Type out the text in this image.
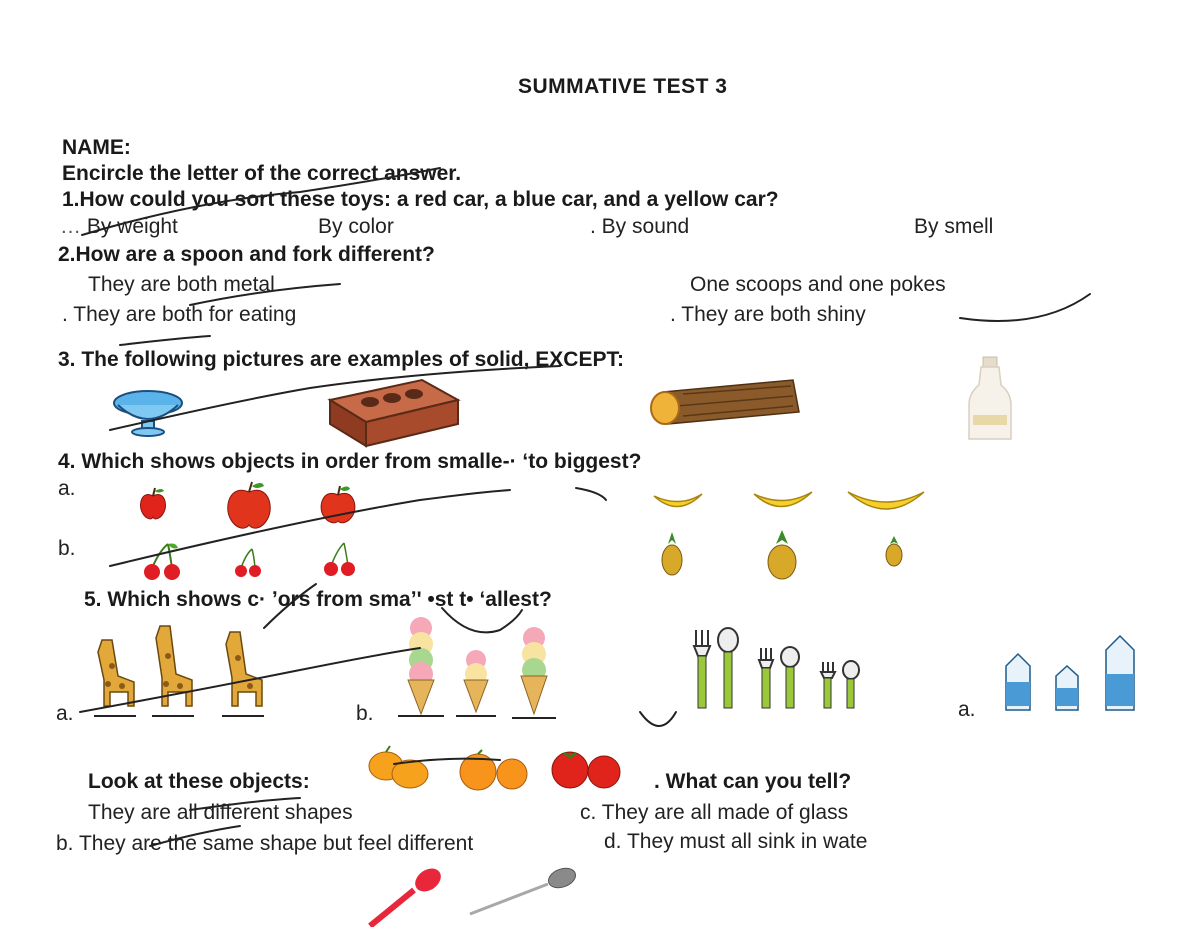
SUMMATIVE TEST 3
NAME:
Encircle the letter of the correct answer.
1.How could you sort these toys: a red car, a blue car, and a yellow car?
… By weight	By color	. By sound	By smell
2.How are a spoon and fork different?
They are both metal	One scoops and one pokes
. They are both for eating	. They are both shiny
3. The following pictures are examples of solid, EXCEPT:
4. Which shows objects in order from smalle-· ʻto biggest?
a.
b.
5. Which shows c· ʼors from smaʼ' •st t• ʻallest?
a.	b.	a.
Look at these objects:	. What can you tell?
They are all different shapes	c. They are all made of glass
b. They are the same shape but feel different	d. They must all sink in wate
